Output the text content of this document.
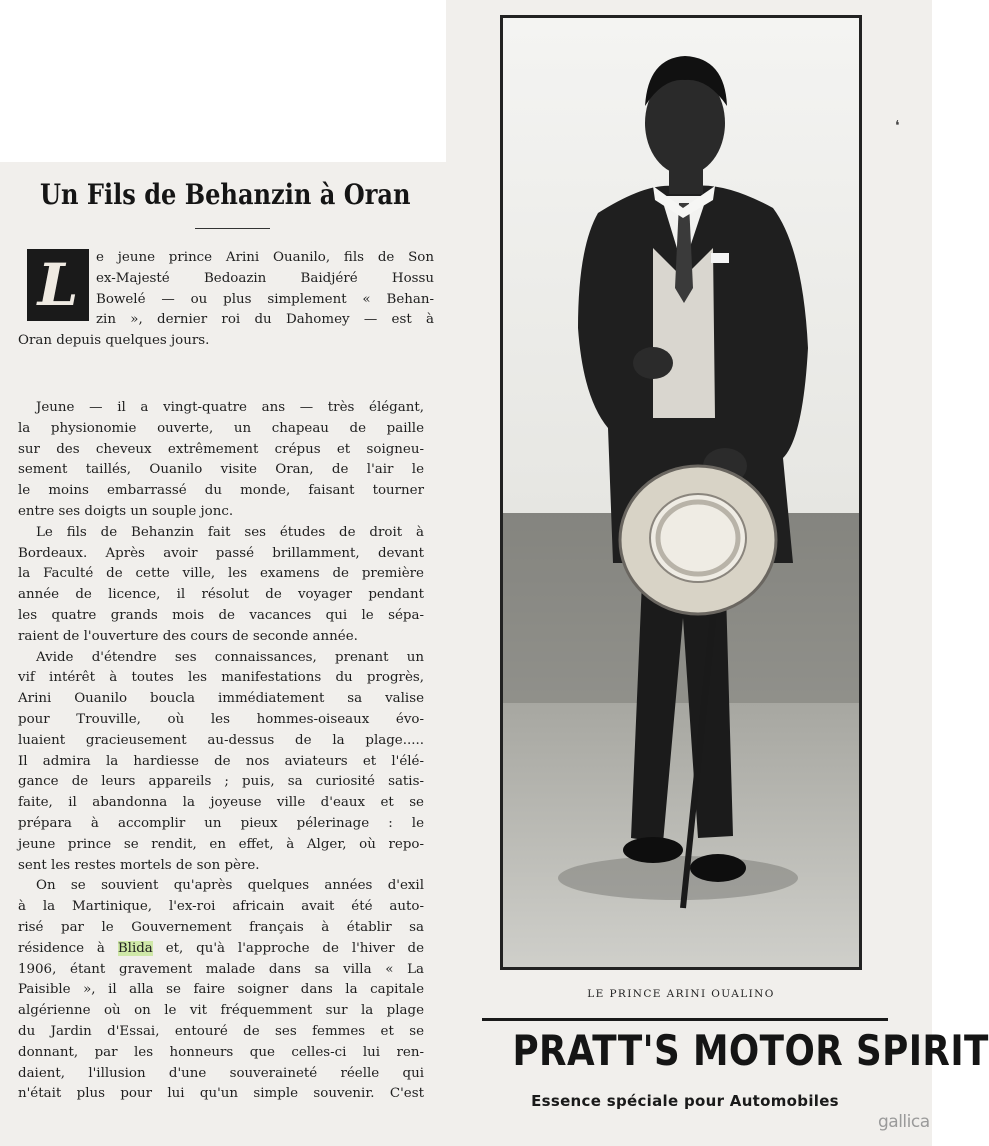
Un Fils de Behanzin à Oran
L e jeune prince Arini Ouanilo, fils de Son
ex-Majesté Bedoazin Baidjéré Hossu
Bowelé — ou plus simplement « Behan-
zin », dernier roi du Dahomey — est à
Oran depuis quelques jours.
Jeune — il a vingt-quatre ans — très élégant,
la physionomie ouverte, un chapeau de paille
sur des cheveux extrêmement crépus et soigneu-
sement taillés, Ouanilo visite Oran, de l'air le
le moins embarrassé du monde, faisant tourner
entre ses doigts un souple jonc.
Le fils de Behanzin fait ses études de droit à
Bordeaux. Après avoir passé brillamment, devant
la Faculté de cette ville, les examens de première
année de licence, il résolut de voyager pendant
les quatre grands mois de vacances qui le sépa-
raient de l'ouverture des cours de seconde année.
Avide d'étendre ses connaissances, prenant un
vif intérêt à toutes les manifestations du progrès,
Arini Ouanilo boucla immédiatement sa valise
pour Trouville, où les hommes-oiseaux évo-
luaient gracieusement au-dessus de la plage.....
Il admira la hardiesse de nos aviateurs et l'élé-
gance de leurs appareils ; puis, sa curiosité satis-
faite, il abandonna la joyeuse ville d'eaux et se
prépara à accomplir un pieux pélerinage : le
jeune prince se rendit, en effet, à Alger, où repo-
sent les restes mortels de son père.
On se souvient qu'après quelques années d'exil
à la Martinique, l'ex-roi africain avait été auto-
risé par le Gouvernement français à établir sa
résidence à Blida et, qu'à l'approche de l'hiver de
1906, étant gravement malade dans sa villa « La
Paisible », il alla se faire soigner dans la capitale
algérienne où on le vit fréquemment sur la plage
du Jardin d'Essai, entouré de ses femmes et se
donnant, par les honneurs que celles-ci lui ren-
daient, l'illusion d'une souveraineté réelle qui
n'était plus pour lui qu'un simple souvenir. C'est
LE PRINCE ARINI OUALINO
PRATT'S MOTOR SPIRIT
Essence spéciale pour Automobiles
❛
gallica
